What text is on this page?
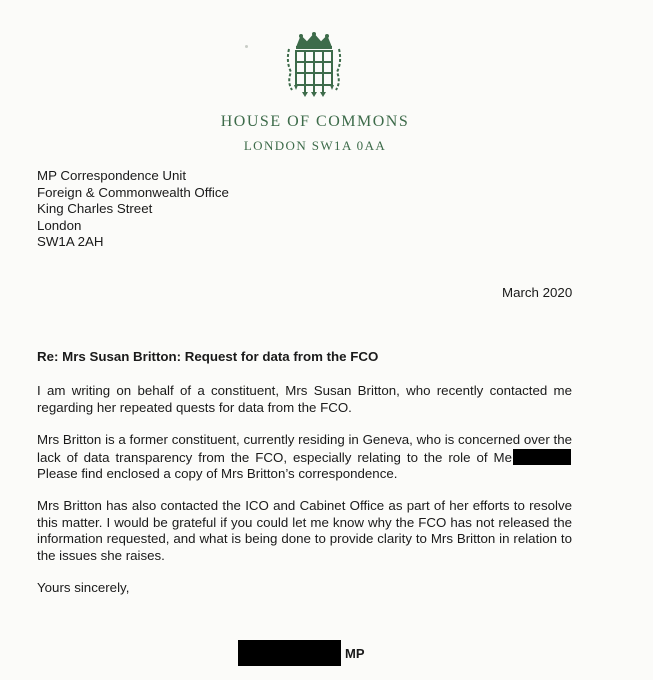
HOUSE OF COMMONS
LONDON SW1A 0AA
MP Correspondence Unit
Foreign & Commonwealth Office
King Charles Street
London
SW1A 2AH
March 2020
Re: Mrs Susan Britton: Request for data from the FCO
I am writing on behalf of a constituent, Mrs Susan Britton, who recently contacted me regarding her repeated quests for data from the FCO.
Mrs Britton is a former constituent, currently residing in Geneva, who is concerned over the lack of data transparency from the FCO, especially relating to the role of Me Please find enclosed a copy of Mrs Britton’s correspondence.
Mrs Britton has also contacted the ICO and Cabinet Office as part of her efforts to resolve this matter. I would be grateful if you could let me know why the FCO has not released the information requested, and what is being done to provide clarity to Mrs Britton in relation to the issues she raises.
Yours sincerely,
MP
